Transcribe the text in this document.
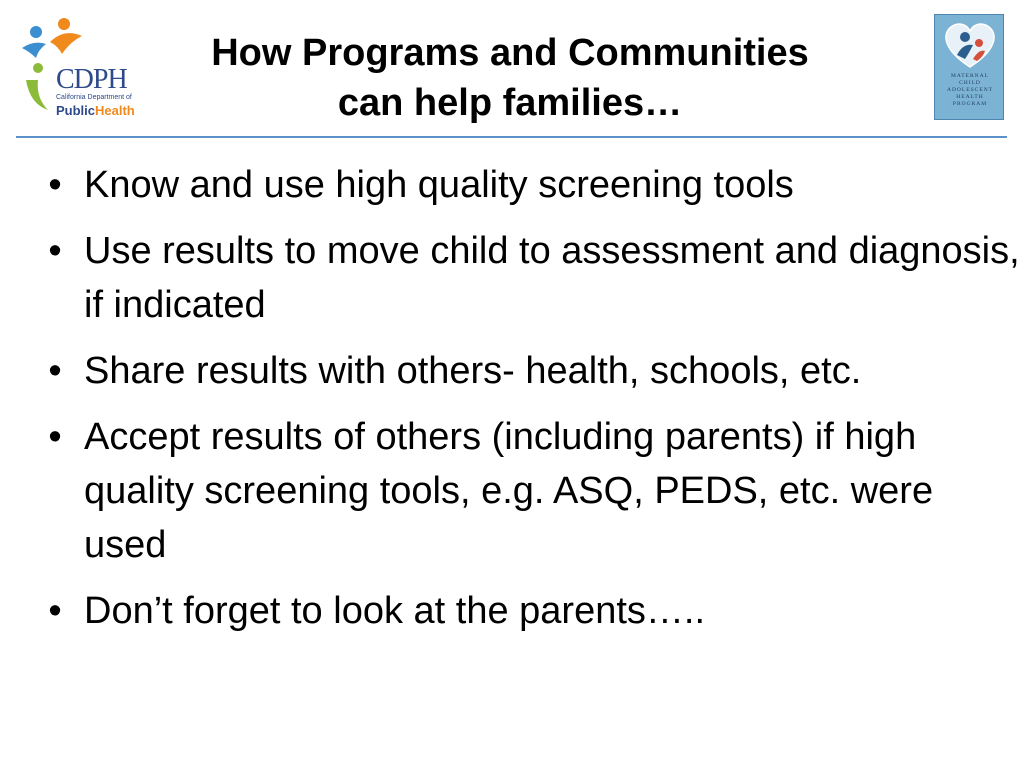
CDPH
California Department of
PublicHealth
How Programs and Communities
can help families…
MATERNAL
CHILD
ADOLESCENT
HEALTH
PROGRAM
• Know and use high quality screening tools
• Use results to move child to assessment and diagnosis, if indicated
• Share results with others- health, schools, etc.
• Accept results of others (including parents) if high quality screening tools, e.g. ASQ, PEDS, etc. were used
• Don’t forget to look at the parents…..
